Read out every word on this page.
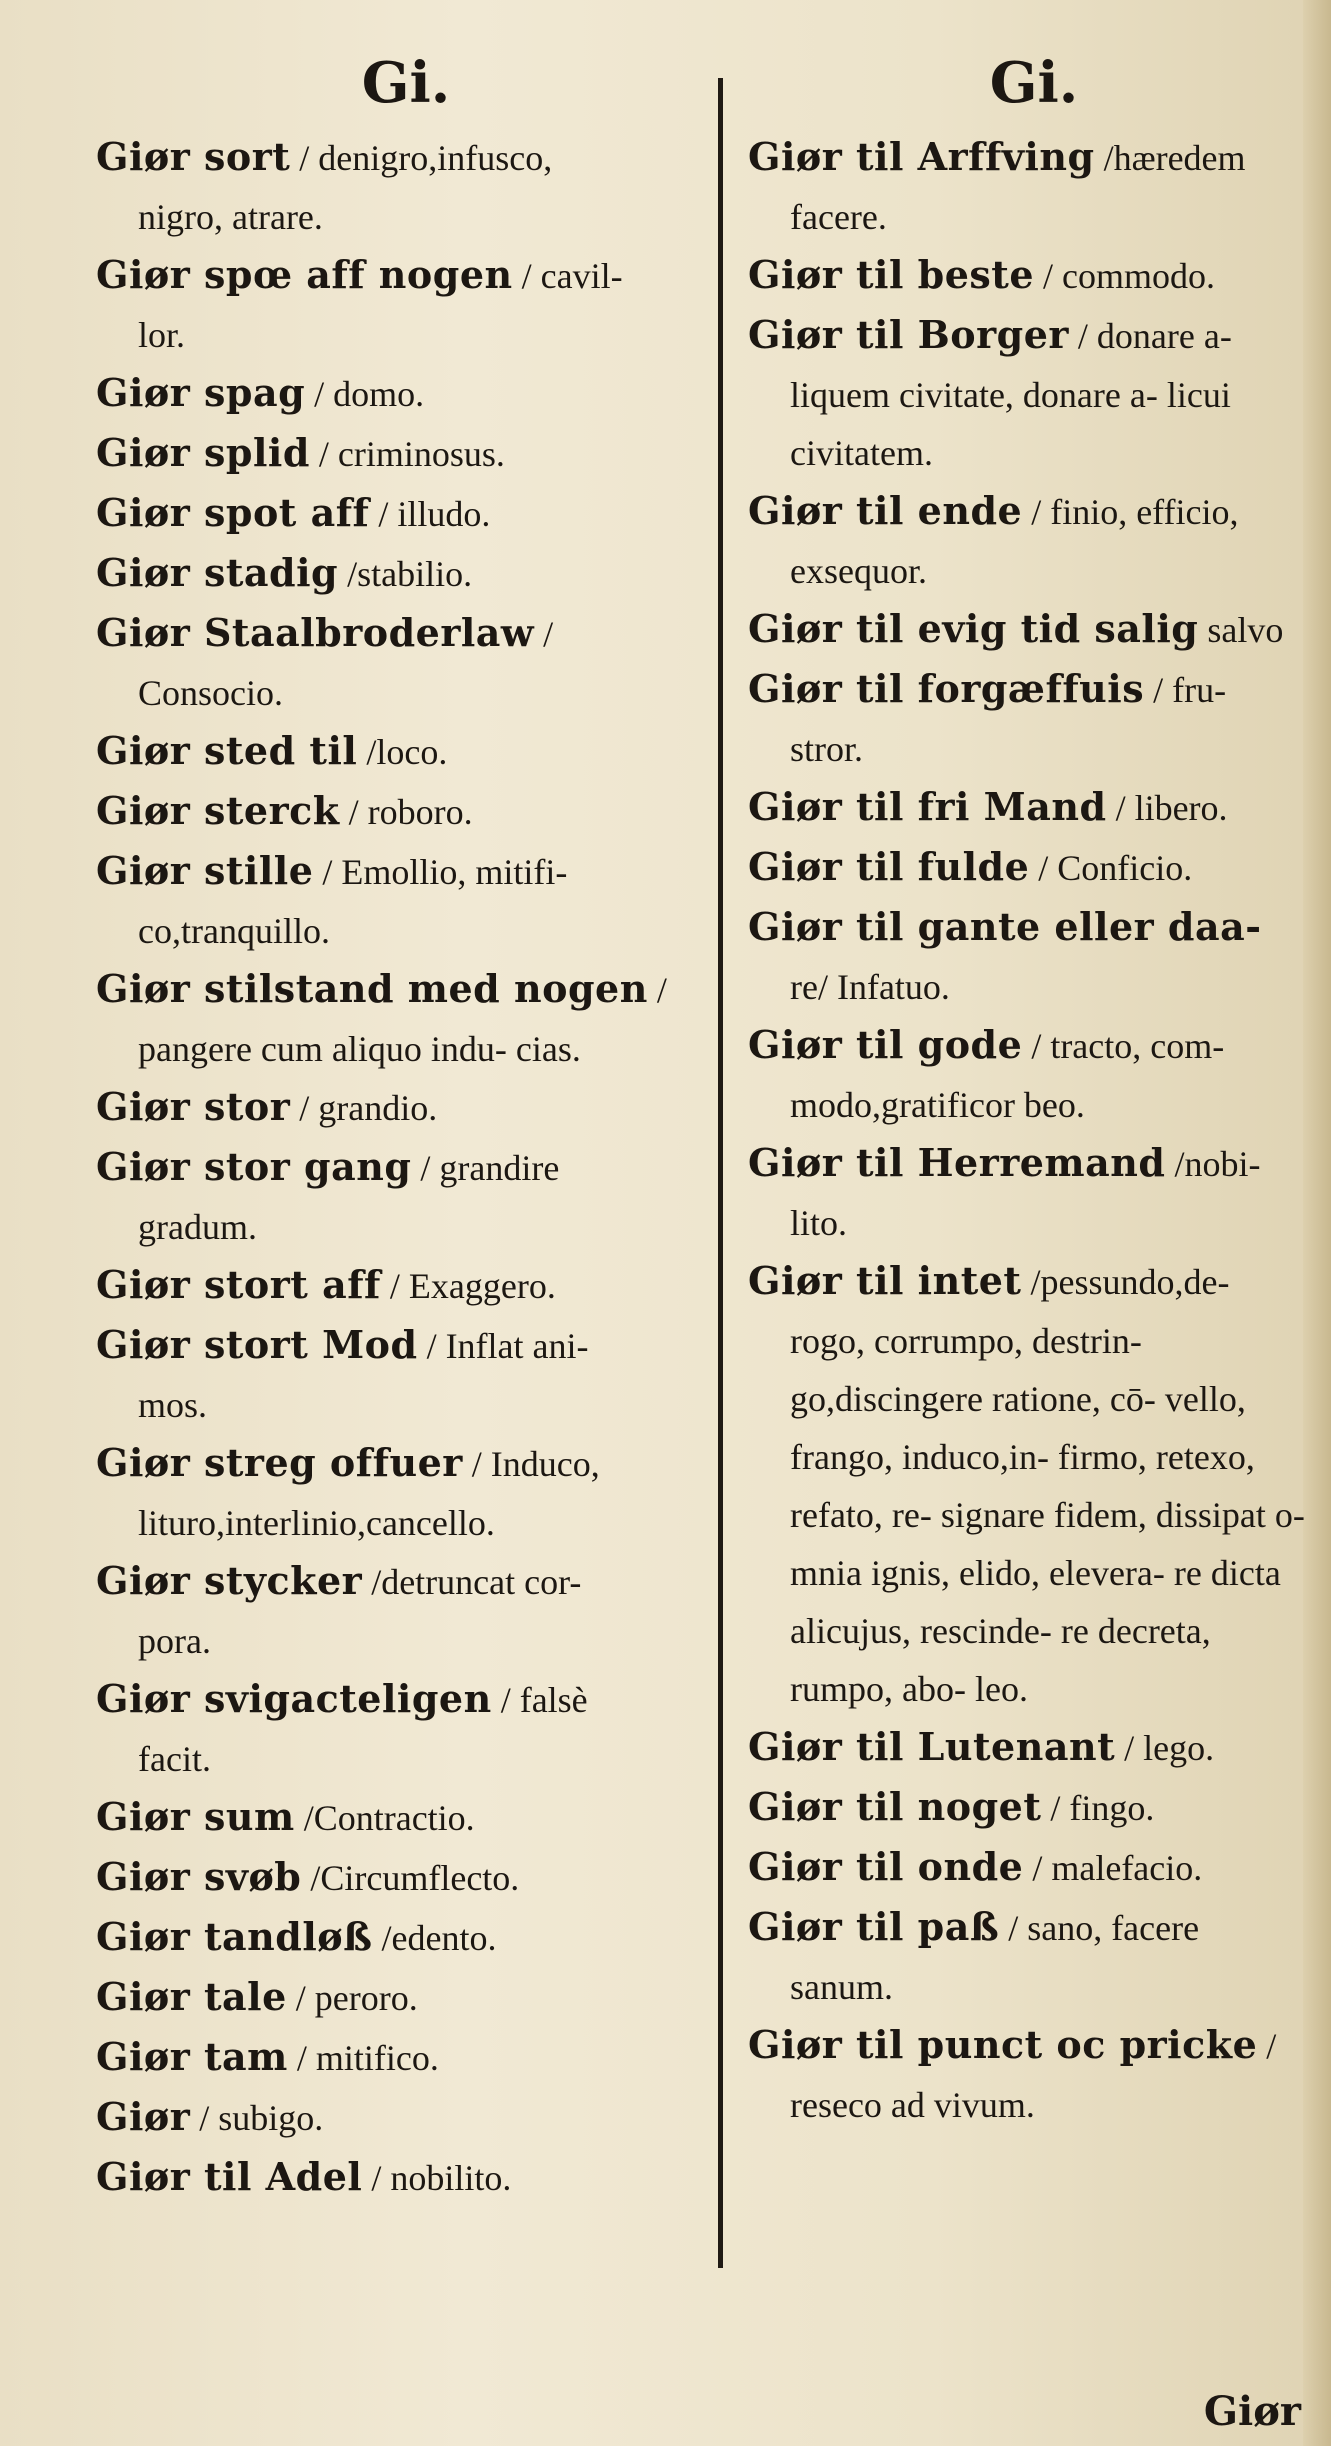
Gi.
Giør sort / denigro,infusco,
nigro, atrare.
Giør spœ aff nogen / cavil-
lor.
Giør spag / domo.
Giør splid / criminosus.
Giør spot aff / illudo.
Giør stadig /stabilio.
Giør Staalbroderlaw /
Consocio.
Giør sted til /loco.
Giør sterck / roboro.
Giør stille / Emollio, mitifi-
co,tranquillo.
Giør stilstand med nogen /
pangere cum aliquo indu- cias.
Giør stor / grandio.
Giør stor gang / grandire
gradum.
Giør stort aff / Exaggero.
Giør stort Mod / Inflat ani-
mos.
Giør streg offuer / Induco,
lituro,interlinio,cancello.
Giør stycker /detruncat cor-
pora.
Giør svigacteligen / falsè
facit.
Giør sum /Contractio.
Giør svøb /Circumflecto.
Giør tandløß /edento.
Giør tale / peroro.
Giør tam / mitifico.
Giør / subigo.
Giør til Adel / nobilito.
Gi.
Giør til Arffving /hæredem
facere.
Giør til beste / commodo.
Giør til Borger / donare a-
liquem civitate, donare a- licui civitatem.
Giør til ende / finio, efficio,
exsequor.
Giør til evig tid salig salvo
Giør til forgæffuis / fru-
stror.
Giør til fri Mand / libero.
Giør til fulde / Conficio.
Giør til gante eller daa-
re/ Infatuo.
Giør til gode / tracto, com-
modo,gratificor beo.
Giør til Herremand /nobi-
lito.
Giør til intet /pessundo,de-
rogo, corrumpo, destrin- go,discingere ratione, cō- vello, frango, induco,in- firmo, retexo, refato, re- signare fidem, dissipat o- mnia ignis, elido, elevera- re dicta alicujus, rescinde- re decreta, rumpo, abo- leo.
Giør til Lutenant / lego.
Giør til noget / fingo.
Giør til onde / malefacio.
Giør til paß / sano, facere
sanum.
Giør til punct oc pricke /
reseco ad vivum.
Giør
